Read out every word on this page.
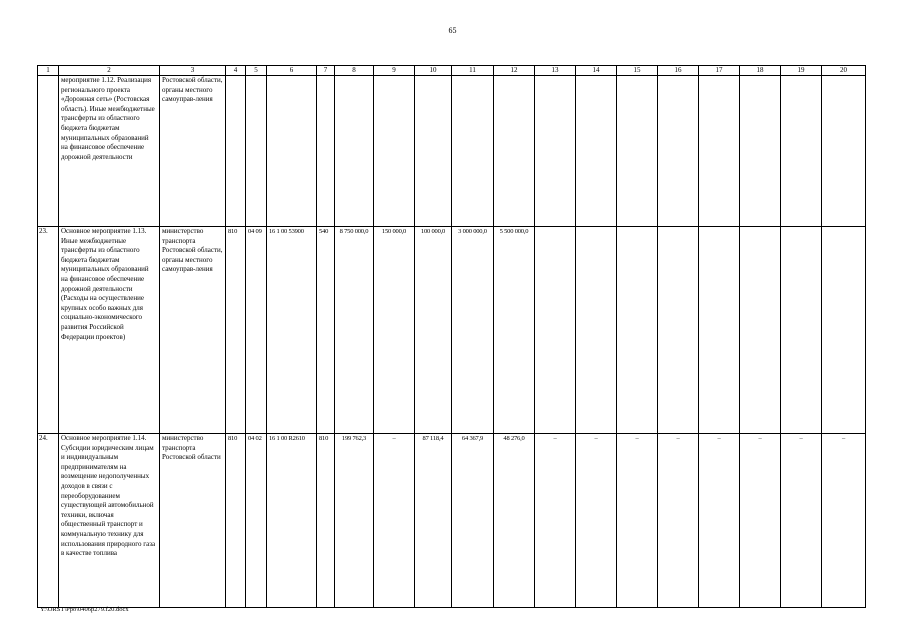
65
1	2	3	4	5	6	7	8	9	10	11	12	13	14	15	16	17	18	19	20
	мероприятие 1.12. Реализация регионального проекта «Дорожная сеть» (Ростовская область). Иные межбюджетные трансферты из областного бюджета бюджетам муниципальных образований на финансовое обеспечение дорожной деятельности	Ростовской области, органы местного самоуправ-ления																	
23.	Основное мероприятие 1.13. Иные межбюджетные трансферты из областного бюджета бюджетам муниципальных образований на финансовое обеспечение дорожной деятельности (Расходы на осуществление крупных особо важных для социально-экономического развития Российской Федерации проектов)	министерство транспорта Ростовской области, органы местного самоуправ-ления	810	04 09	16 1 00 53900	540	8 750 000,0	150 000,0	100 000,0	3 000 000,0	5 500 000,0								
24.	Основное мероприятие 1.14. Субсидии юридическим лицам и индивидуальным предпринимателям на возмещение недополученных доходов в связи с переоборудованием существующей автомобильной техники, включая общественный транспорт и коммунальную технику для использования природного газа в качестве топлива	министерство транспорта Ростовской области	810	04 02	16 1 00 R2610	810	199 762,3	–	87 118,4	64 367,9	48 276,0	–	–	–	–	–	–	–	–
Y:\ORST\Ppo\0406p279.f20.docx
